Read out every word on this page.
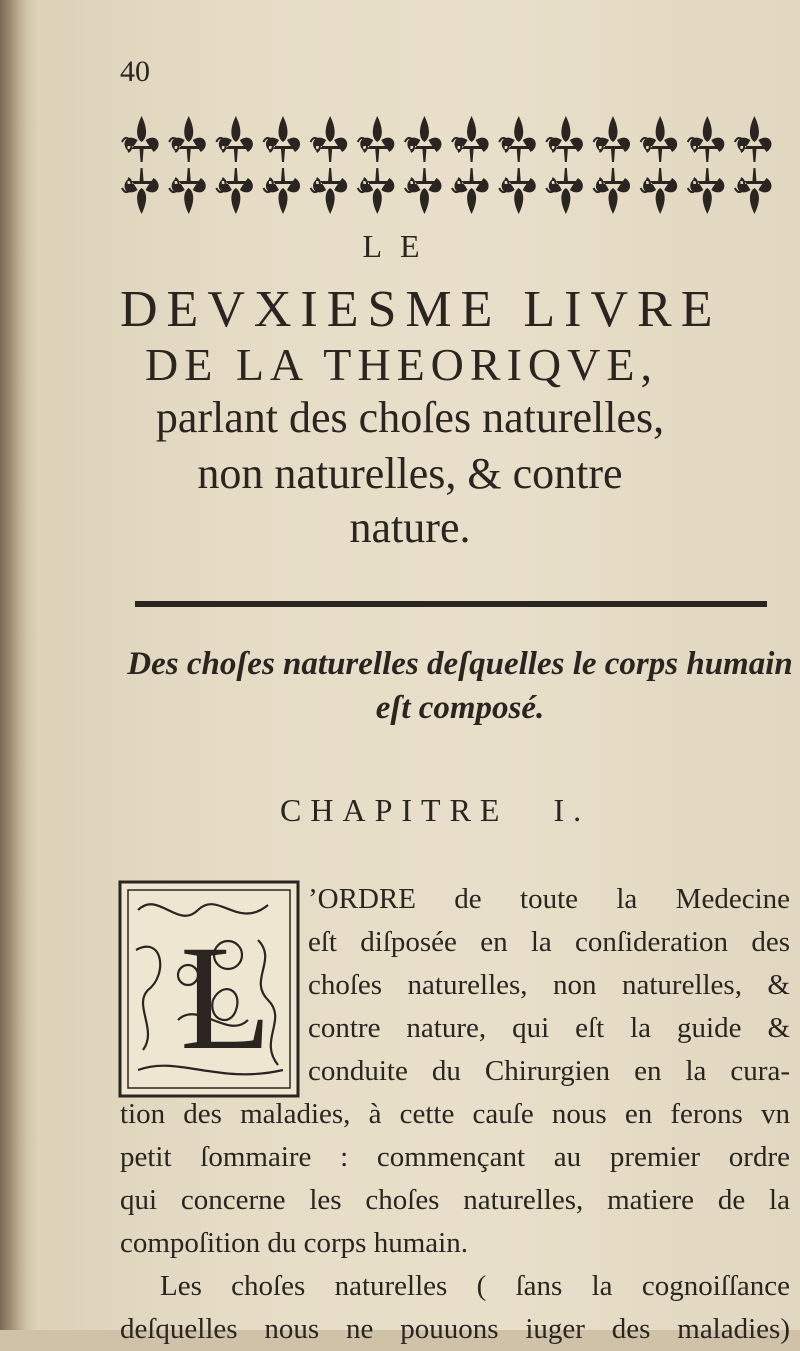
40
LE
DEVXIESME LIVRE
DE LA THEORIQVE,
parlant des choſes naturelles,
non naturelles, & contre
nature.
Des choſes naturelles deſquelles le corps humain
eſt composé.
CHAPITRE I.
L
’ORDRE de toute la Medecine
eſt diſposée en la conſideration des
choſes naturelles, non naturelles, &
contre nature, qui eſt la guide &
conduite du Chirurgien en la cura-
tion des maladies, à cette cauſe nous en ferons vn
petit ſommaire : commençant au premier ordre
qui concerne les choſes naturelles, matiere de la
compoſition du corps humain.
Les choſes naturelles ( ſans la cognoiſſance
deſquelles nous ne pouuons iuger des maladies)
